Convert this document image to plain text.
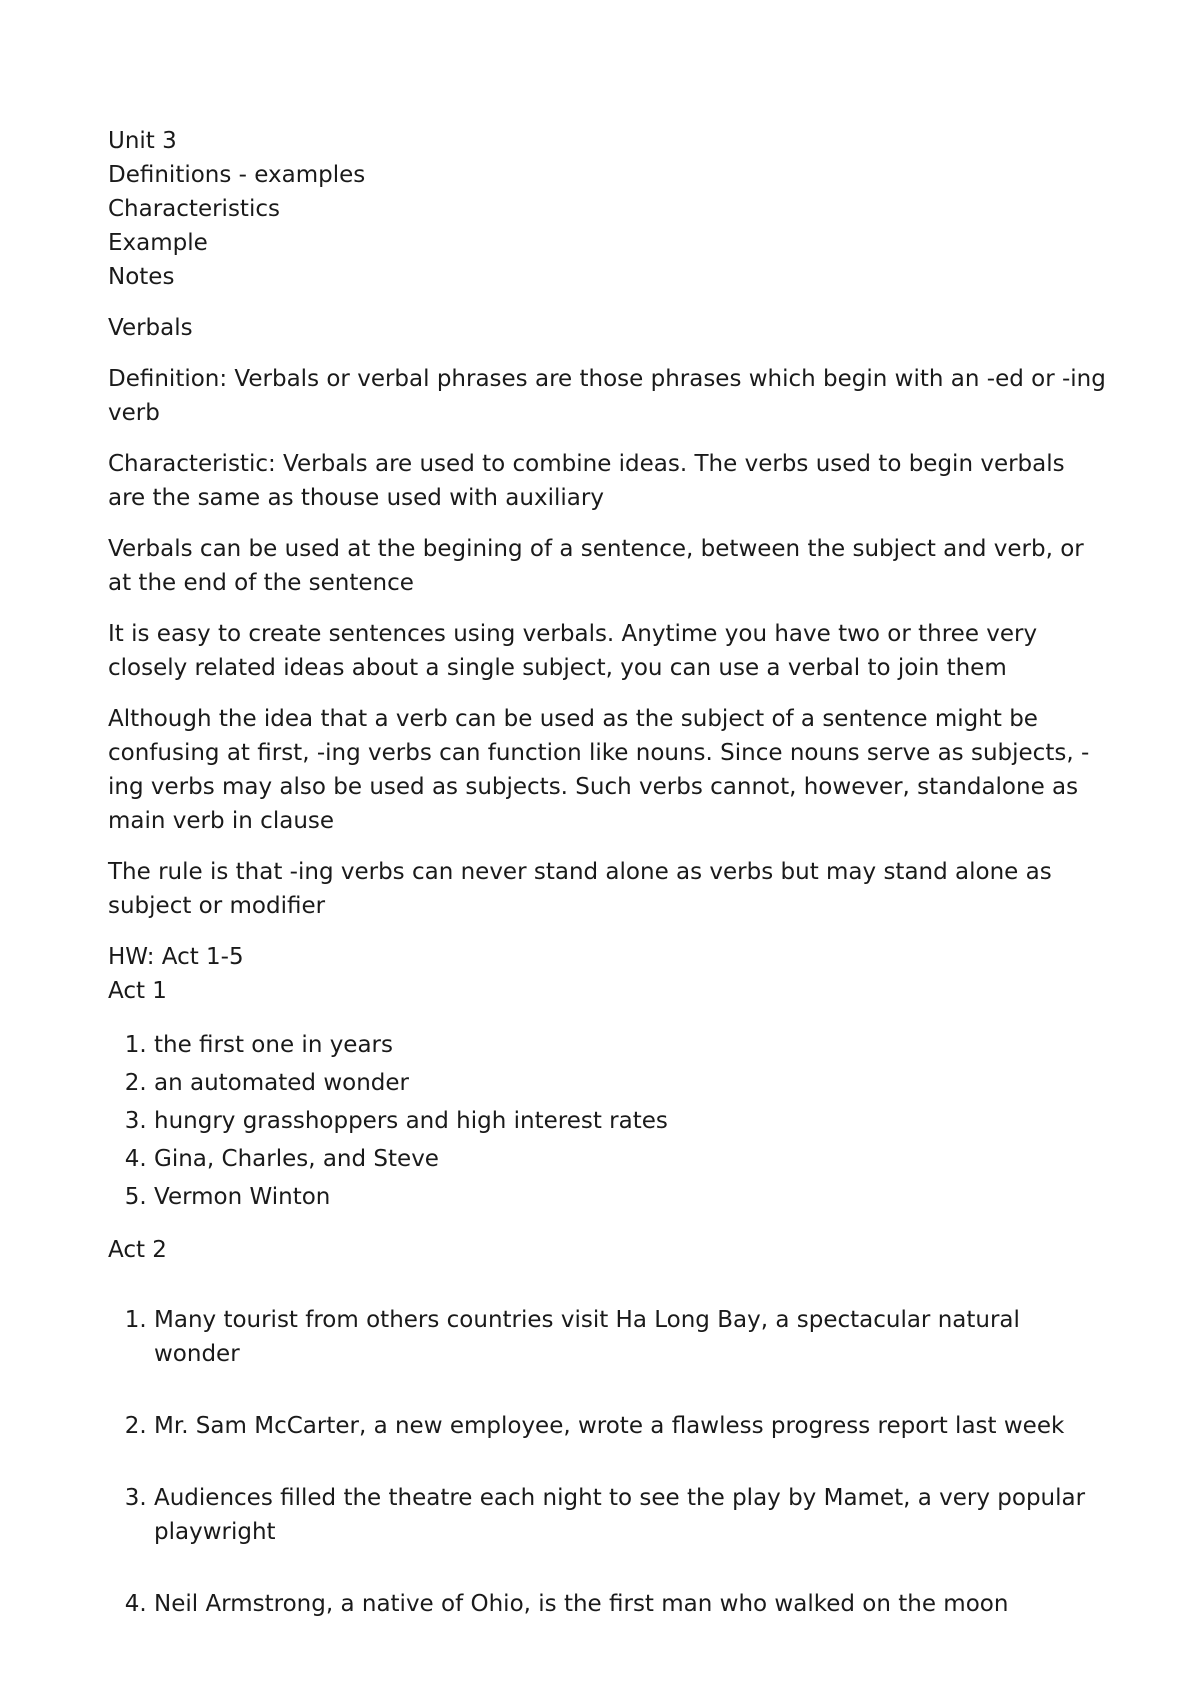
Unit 3
Definitions - examples
Characteristics
Example
Notes

Verbals

Definition: Verbals or verbal phrases are those phrases which begin with an -ed or -ing verb

Characteristic: Verbals are used to combine ideas. The verbs used to begin verbals are the same as thouse used with auxiliary

Verbals can be used at the begining of a sentence, between the subject and verb, or at the end of the sentence

It is easy to create sentences using verbals. Anytime you have two or three very closely related ideas about a single subject, you can use a verbal to join them

Although the idea that a verb can be used as the subject of a sentence might be confusing at first, -ing verbs can function like nouns. Since nouns serve as subjects, -ing verbs may also be used as subjects. Such verbs cannot, however, standalone as main verb in clause

The rule is that -ing verbs can never stand alone as verbs but may stand alone as subject or modifier

HW: Act 1-5

Act 1

1. the first one in years
2. an automated wonder
3. hungry grasshoppers and high interest rates
4. Gina, Charles, and Steve
5. Vermon Winton

Act 2

1. Many tourist from others countries visit Ha Long Bay, a spectacular natural wonder
2. Mr. Sam McCarter, a new employee, wrote a flawless progress report last week
3. Audiences filled the theatre each night to see the play by Mamet, a very popular playwright
4. Neil Armstrong, a native of Ohio, is the first man who walked on the moon
